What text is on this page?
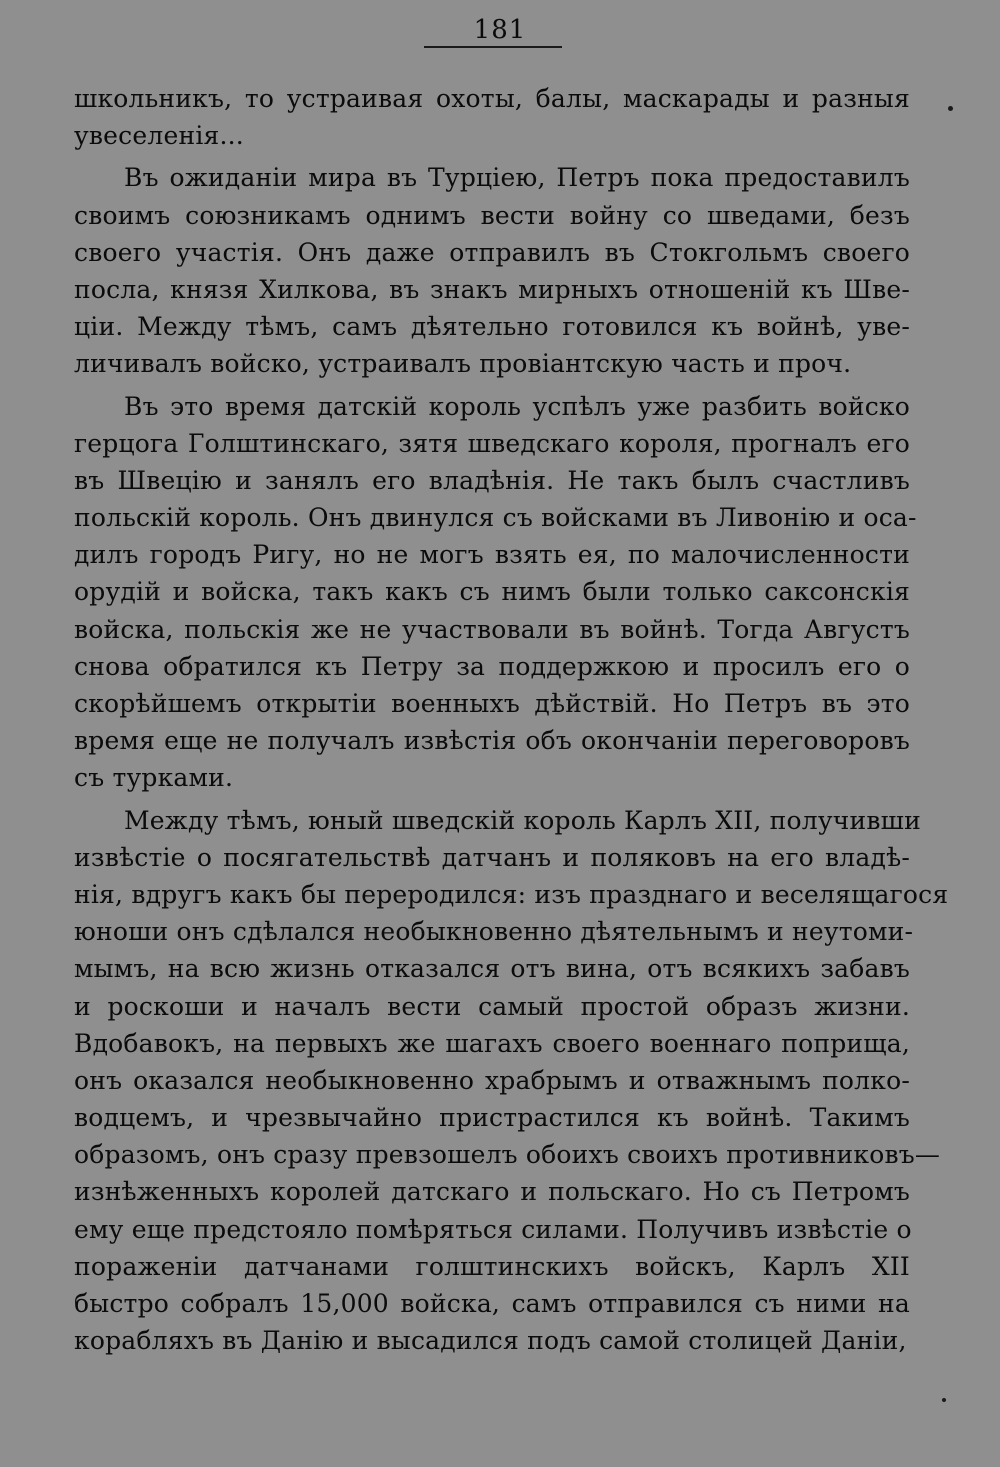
181
школьникъ, то устраивая охоты, балы, маскарады и разныя
увеселенія...
Въ ожиданіи мира въ Турціею, Петръ пока предоставилъ
своимъ союзникамъ однимъ вести войну со шведами, безъ
своего участія. Онъ даже отправилъ въ Стокгольмъ своего
посла, князя Хилкова, въ знакъ мирныхъ отношеній къ Шве-
ціи. Между тѣмъ, самъ дѣятельно готовился къ войнѣ, уве-
личивалъ войско, устраивалъ провіантскую часть и проч.
Въ это время датскій король успѣлъ уже разбить войско
герцога Голштинскаго, зятя шведскаго короля, прогналъ его
въ Швецію и занялъ его владѣнія. Не такъ былъ счастливъ
польскій король. Онъ двинулся съ войсками въ Ливонію и оса-
дилъ городъ Ригу, но не могъ взять ея, по малочисленности
орудій и войска, такъ какъ съ нимъ были только саксонскія
войска, польскія же не участвовали въ войнѣ. Тогда Августъ
снова обратился къ Петру за поддержкою и просилъ его о
скорѣйшемъ открытіи военныхъ дѣйствій. Но Петръ въ это
время еще не получалъ извѣстія объ окончаніи переговоровъ
съ турками.
Между тѣмъ, юный шведскій король Карлъ XII, получивши
извѣстіе о посягательствѣ датчанъ и поляковъ на его владѣ-
нія, вдругъ какъ бы переродился: изъ празднаго и веселящагося
юноши онъ сдѣлался необыкновенно дѣятельнымъ и неутоми-
мымъ, на всю жизнь отказался отъ вина, отъ всякихъ забавъ
и роскоши и началъ вести самый простой образъ жизни.
Вдобавокъ, на первыхъ же шагахъ своего военнаго поприща,
онъ оказался необыкновенно храбрымъ и отважнымъ полко-
водцемъ, и чрезвычайно пристрастился къ войнѣ. Такимъ
образомъ, онъ сразу превзошелъ обоихъ своихъ противниковъ—
изнѣженныхъ королей датскаго и польскаго. Но съ Петромъ
ему еще предстояло помѣряться силами. Получивъ извѣстіе о
пораженіи датчанами голштинскихъ войскъ, Карлъ XII
быстро собралъ 15,000 войска, самъ отправился съ ними на
корабляхъ въ Данію и высадился подъ самой столицей Даніи,
